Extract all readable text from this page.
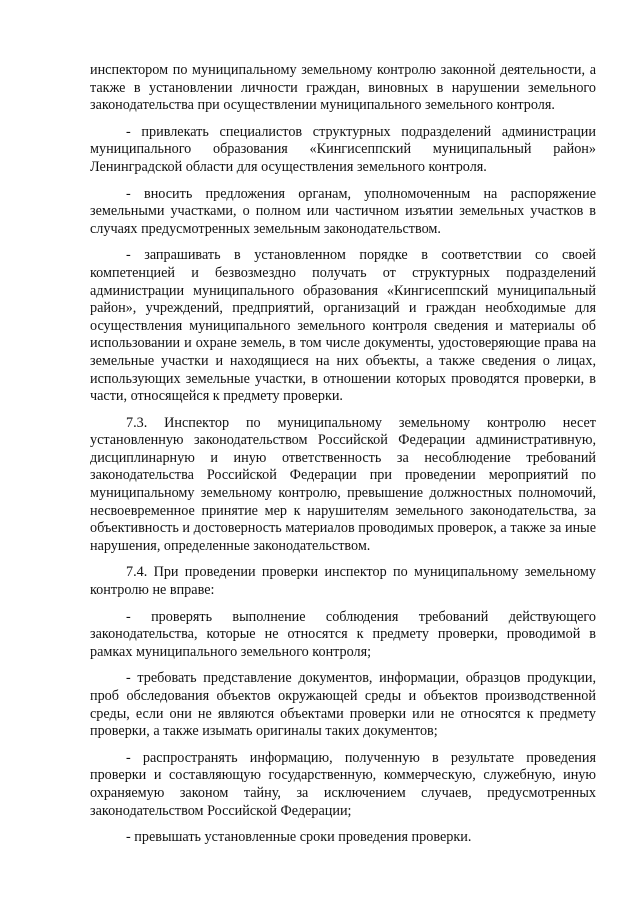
инспектором по муниципальному земельному контролю законной деятельности, а также в установлении личности граждан, виновных в нарушении земельного законодательства при осуществлении муниципального земельного контроля.

- привлекать специалистов структурных подразделений администрации муниципального образования «Кингисеппский муниципальный район» Ленинградской области для осуществления земельного контроля.

- вносить предложения органам, уполномоченным на распоряжение земельными участками, о полном или частичном изъятии земельных участков в случаях предусмотренных земельным законодательством.

- запрашивать в установленном порядке в соответствии со своей компетенцией и безвозмездно получать от структурных подразделений администрации муниципального образования «Кингисеппский муниципальный район», учреждений, предприятий, организаций и граждан необходимые для осуществления муниципального земельного контроля сведения и материалы об использовании и охране земель, в том числе документы, удостоверяющие права на земельные участки и находящиеся на них объекты, а также сведения о лицах, использующих земельные участки, в отношении которых проводятся проверки, в части, относящейся к предмету проверки.

7.3. Инспектор по муниципальному земельному контролю несет установленную законодательством Российской Федерации административную, дисциплинарную и иную ответственность за несоблюдение требований законодательства Российской Федерации при проведении мероприятий по муниципальному земельному контролю, превышение должностных полномочий, несвоевременное принятие мер к нарушителям земельного законодательства, за объективность и достоверность материалов проводимых проверок, а также за иные нарушения, определенные законодательством.

7.4. При проведении проверки инспектор по муниципальному земельному контролю не вправе:

- проверять выполнение соблюдения требований действующего законодательства, которые не относятся к предмету проверки, проводимой в рамках муниципального земельного контроля;

- требовать представление документов, информации, образцов продукции, проб обследования объектов окружающей среды и объектов производственной среды, если они не являются объектами проверки или не относятся к предмету проверки, а также изымать оригиналы таких документов;

- распространять информацию, полученную в результате проведения проверки и составляющую государственную, коммерческую, служебную, иную охраняемую законом тайну, за исключением случаев, предусмотренных законодательством Российской Федерации;

- превышать установленные сроки проведения проверки.
